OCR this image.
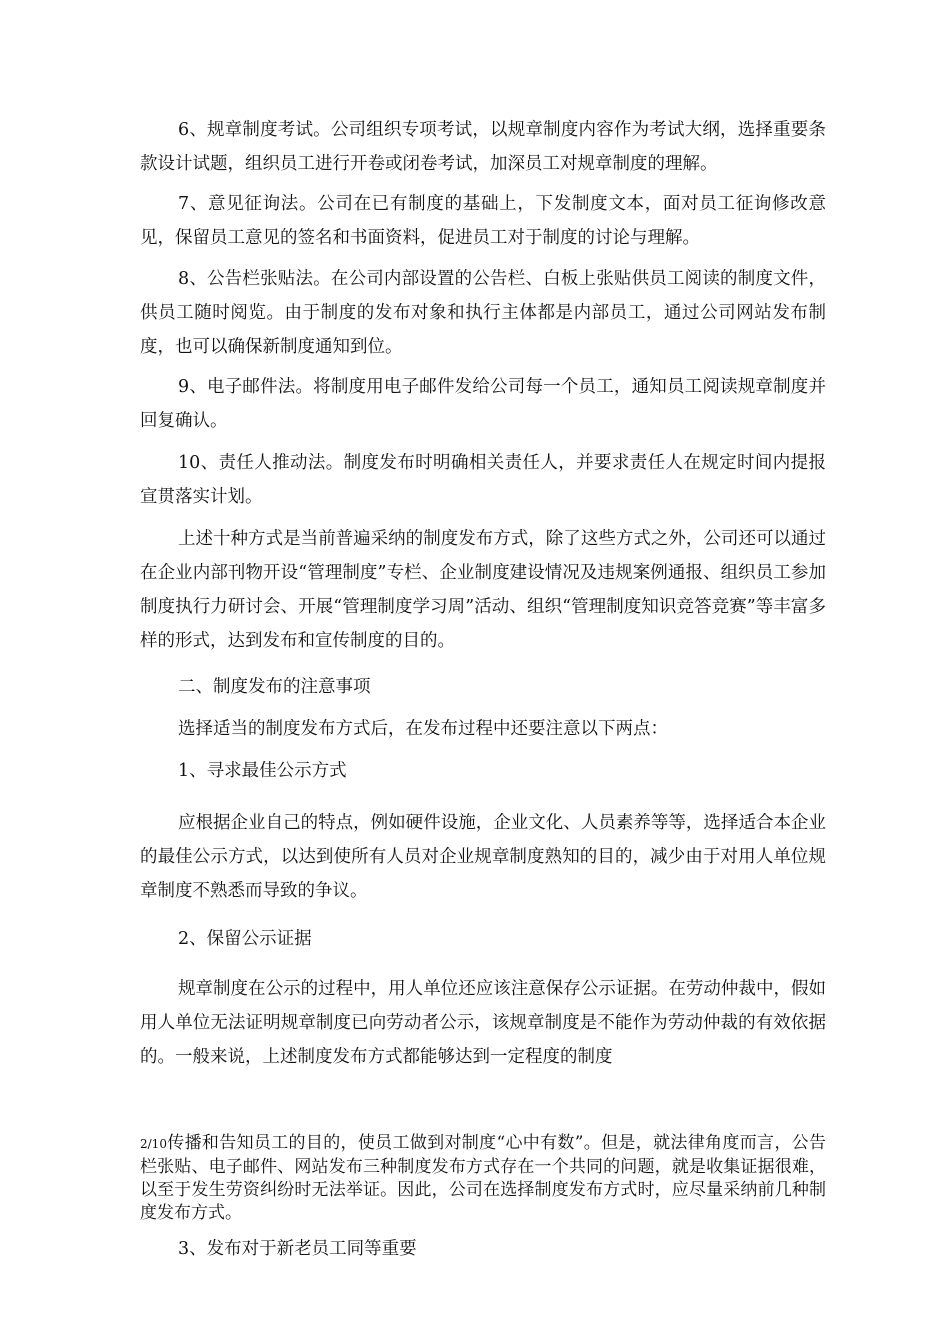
6、规章制度考试。公司组织专项考试，以规章制度内容作为考试大纲，选择重要条款设计试题，组织员工进行开卷或闭卷考试，加深员工对规章制度的理解。

7、意见征询法。公司在已有制度的基础上，下发制度文本，面对员工征询修改意见，保留员工意见的签名和书面资料，促进员工对于制度的讨论与理解。

8、公告栏张贴法。在公司内部设置的公告栏、白板上张贴供员工阅读的制度文件，供员工随时阅览。由于制度的发布对象和执行主体都是内部员工，通过公司网站发布制度，也可以确保新制度通知到位。

9、电子邮件法。将制度用电子邮件发给公司每一个员工，通知员工阅读规章制度并回复确认。

10、责任人推动法。制度发布时明确相关责任人，并要求责任人在规定时间内提报宣贯落实计划。

上述十种方式是当前普遍采纳的制度发布方式，除了这些方式之外，公司还可以通过在企业内部刊物开设“管理制度”专栏、企业制度建设情况及违规案例通报、组织员工参加制度执行力研讨会、开展“管理制度学习周”活动、组织“管理制度知识竞答竞赛”等丰富多样的形式，达到发布和宣传制度的目的。

二、制度发布的注意事项

选择适当的制度发布方式后，在发布过程中还要注意以下两点：

1、寻求最佳公示方式

应根据企业自己的特点，例如硬件设施，企业文化、人员素养等等，选择适合本企业的最佳公示方式，以达到使所有人员对企业规章制度熟知的目的，减少由于对用人单位规章制度不熟悉而导致的争议。

2、保留公示证据

规章制度在公示的过程中，用人单位还应该注意保存公示证据。在劳动仲裁中，假如用人单位无法证明规章制度已向劳动者公示，该规章制度是不能作为劳动仲裁的有效依据的。一般来说，上述制度发布方式都能够达到一定程度的制度

2/10传播和告知员工的目的，使员工做到对制度“心中有数”。但是，就法律角度而言，公告栏张贴、电子邮件、网站发布三种制度发布方式存在一个共同的问题，就是收集证据很难，以至于发生劳资纠纷时无法举证。因此，公司在选择制度发布方式时，应尽量采纳前几种制度发布方式。

3、发布对于新老员工同等重要
